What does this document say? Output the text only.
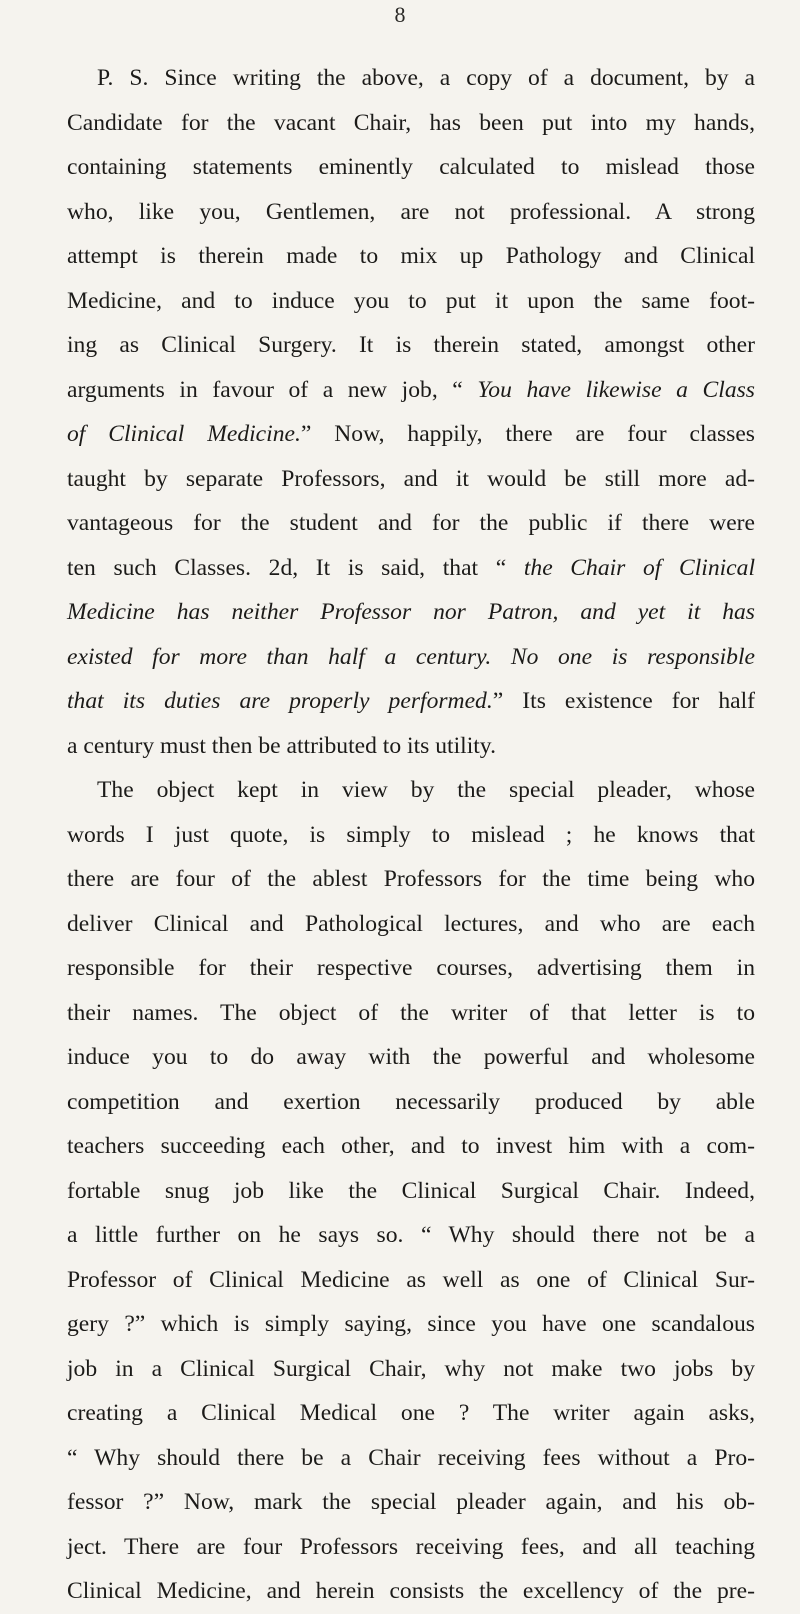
8
P. S. Since writing the above, a copy of a document, by a
Candidate for the vacant Chair, has been put into my hands,
containing statements eminently calculated to mislead those
who, like you, Gentlemen, are not professional. A strong
attempt is therein made to mix up Pathology and Clinical
Medicine, and to induce you to put it upon the same foot-
ing as Clinical Surgery. It is therein stated, amongst other
arguments in favour of a new job, “ You have likewise a Class
of Clinical Medicine.” Now, happily, there are four classes
taught by separate Professors, and it would be still more ad-
vantageous for the student and for the public if there were
ten such Classes. 2d, It is said, that “ the Chair of Clinical
Medicine has neither Professor nor Patron, and yet it has
existed for more than half a century. No one is responsible
that its duties are properly performed.” Its existence for half
a century must then be attributed to its utility.
The object kept in view by the special pleader, whose
words I just quote, is simply to mislead ; he knows that
there are four of the ablest Professors for the time being who
deliver Clinical and Pathological lectures, and who are each
responsible for their respective courses, advertising them in
their names. The object of the writer of that letter is to
induce you to do away with the powerful and wholesome
competition and exertion necessarily produced by able
teachers succeeding each other, and to invest him with a com-
fortable snug job like the Clinical Surgical Chair. Indeed,
a little further on he says so. “ Why should there not be a
Professor of Clinical Medicine as well as one of Clinical Sur-
gery ?” which is simply saying, since you have one scandalous
job in a Clinical Surgical Chair, why not make two jobs by
creating a Clinical Medical one ? The writer again asks,
“ Why should there be a Chair receiving fees without a Pro-
fessor ?” Now, mark the special pleader again, and his ob-
ject. There are four Professors receiving fees, and all teaching
Clinical Medicine, and herein consists the excellency of the pre-
